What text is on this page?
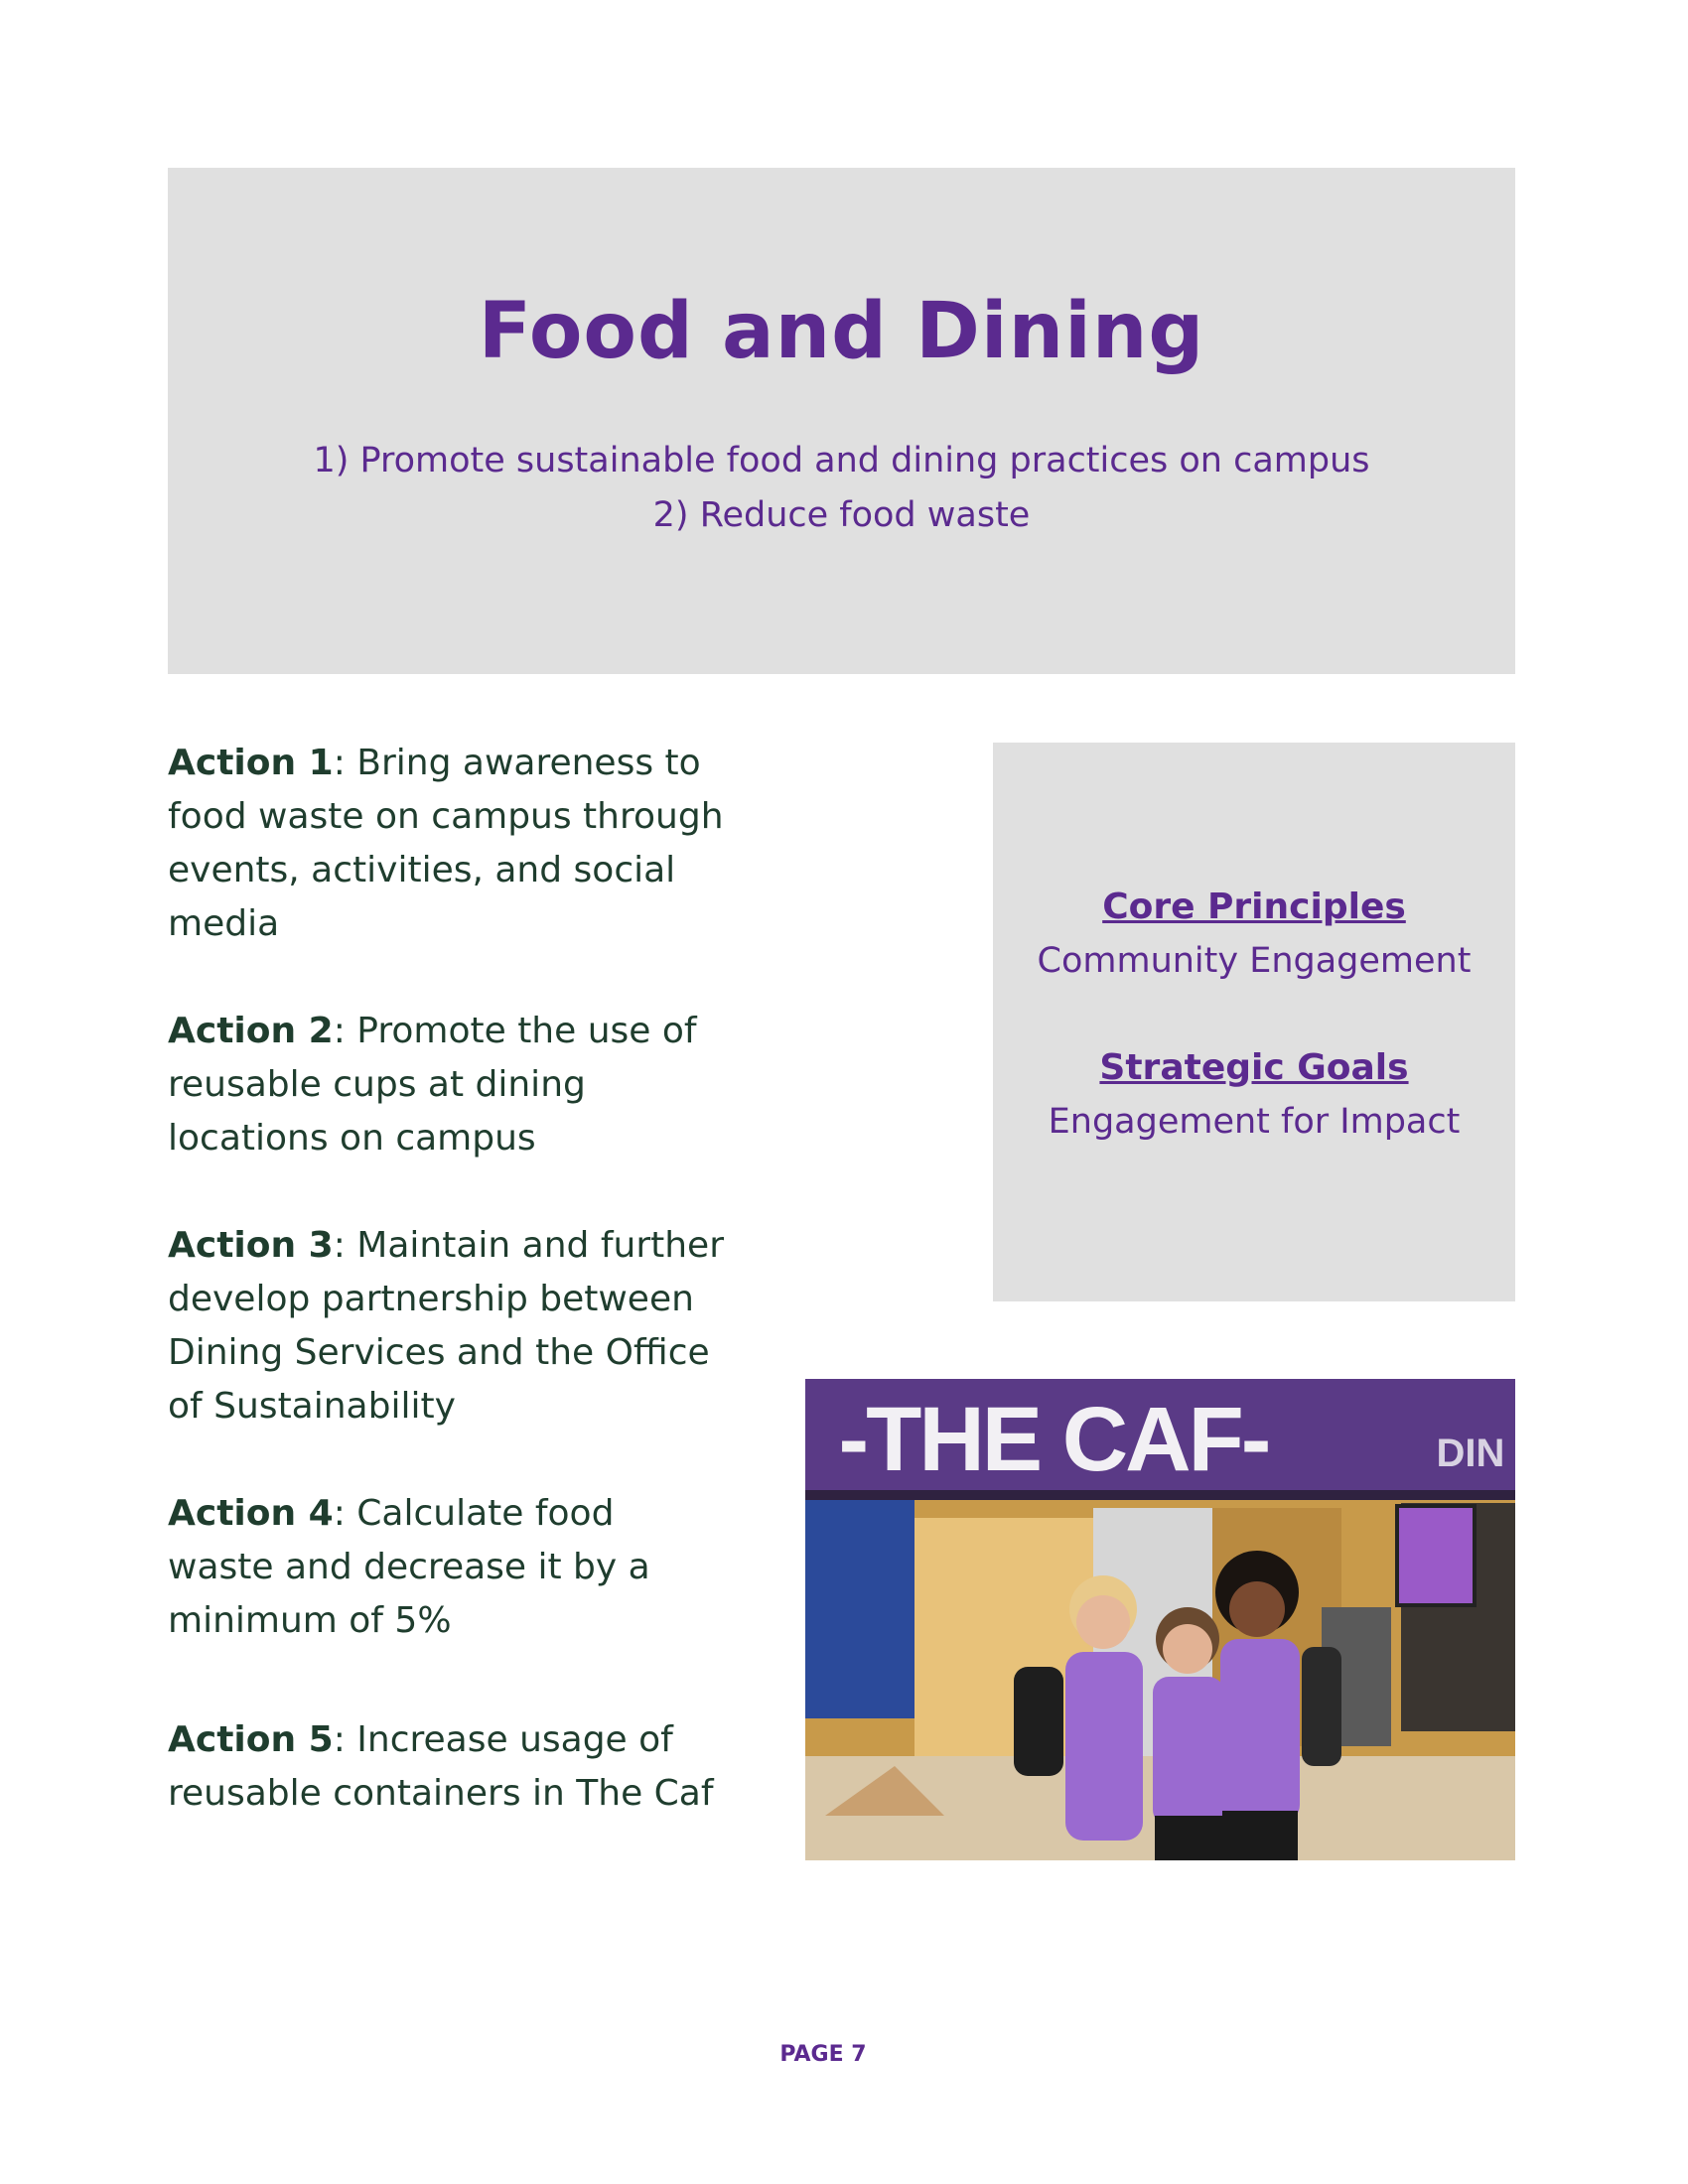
Food and Dining

1) Promote sustainable food and dining practices on campus

2) Reduce food waste

Action 1: Bring awareness to food waste on campus through events, activities, and social media

Action 2: Promote the use of reusable cups at dining locations on campus

Action 3: Maintain and further develop partnership between Dining Services and the Office of Sustainability

Action 4: Calculate food waste and decrease it by a minimum of 5%

Action 5: Increase usage of reusable containers in The Caf

Core Principles

Community Engagement

Strategic Goals

Engagement for Impact

-THE CAF-	DIN

PAGE 7
